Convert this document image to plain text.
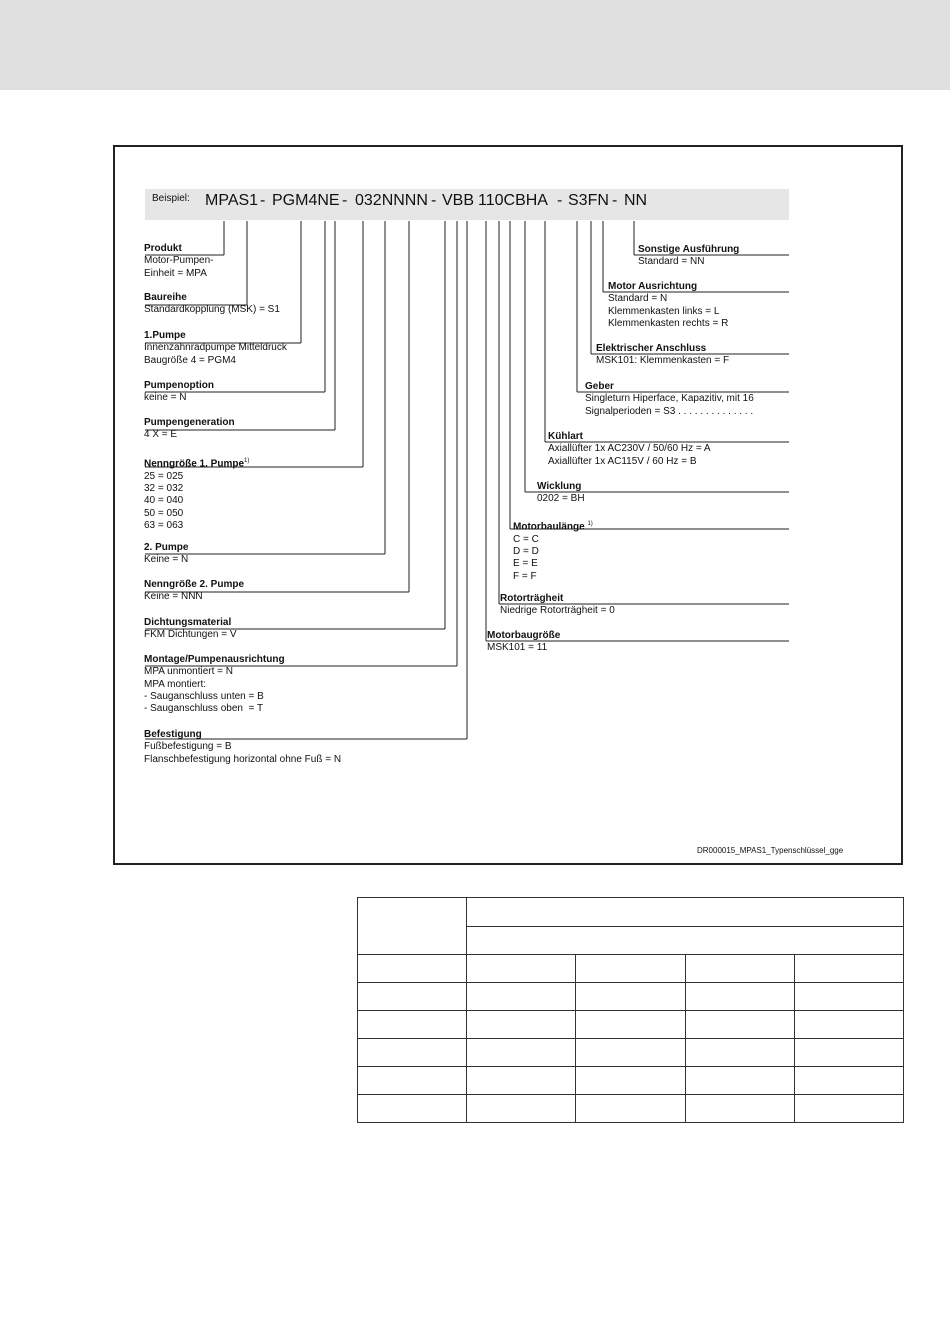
Beispiel: MPAS1 - PGM4NE - 032NNNN - VBB 110CBHA - S3FN - NN
Produkt
Motor-Pumpen-
Einheit = MPA
Baureihe
Standardkopplung (MSK) = S1
1.Pumpe
Innenzahnradpumpe Mitteldruck
Baugröße 4 = PGM4
Pumpenoption
keine = N
Pumpengeneration
4 X = E
Nenngröße 1. Pumpe$^{1)}$
25 = 025
32 = 032
40 = 040
50 = 050
63 = 063
2. Pumpe
Keine = N
Nenngröße 2. Pumpe
Keine = NNN
Dichtungsmaterial
FKM Dichtungen = V
Montage/Pumpenausrichtung
MPA unmontiert = N
MPA montiert:
- Sauganschluss unten = B
- Sauganschluss oben  = T
Befestigung
Fußbefestigung = B
Flanschbefestigung horizontal ohne Fuß = N
Sonstige Ausführung
Standard = NN
Motor Ausrichtung
Standard = N
Klemmenkasten links = L
Klemmenkasten rechts = R
Elektrischer Anschluss
MSK101: Klemmenkasten = F
Geber
Singleturn Hiperface, Kapazitiv, mit 16
Signalperioden = S3 . . . . . . . . . . . . . .
Kühlart
Axiallüfter 1x AC230V / 50/60 Hz = A
Axiallüfter 1x AC115V / 60 Hz = B
Wicklung
0202 = BH
Motorbaulänge $^{1)}$
C = C
D = D
E = E
F = F
Rotorträgheit
Niedrige Rotorträgheit = 0
Motorbaugröße
MSK101 = 11
DR000015_MPAS1_Typenschlüssel_gge
